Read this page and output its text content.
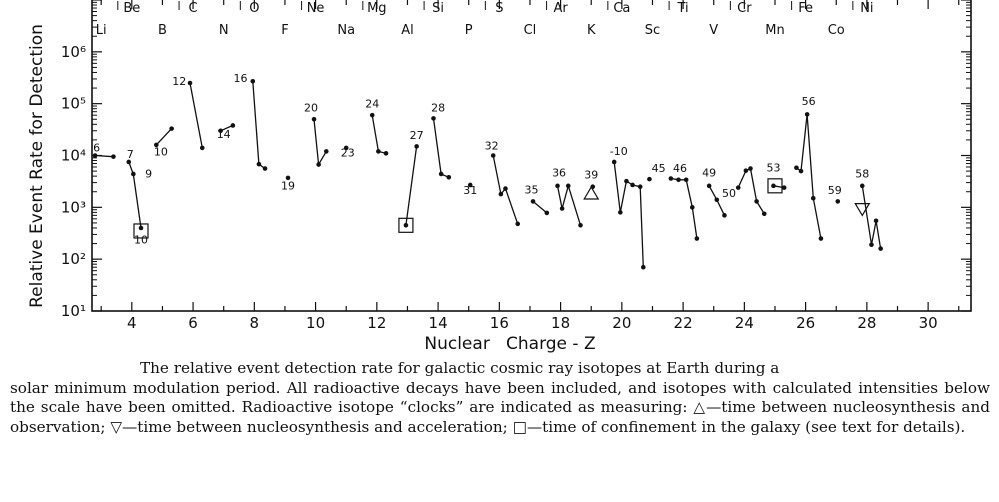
Be	C	O	Ne	Mg	Si	S	Ar	Ca	Ti	Cr	Fe	Ni
Li	B	N	F	Na	Al	P	Cl	K	Sc	V	Mn	Co
6 7
9
10
10
12
14
16
19
20
23
24
27
28
31
32
35
36 39
-10
45 46 49
50
53
56
58
59
4	6	8	10	12	14	16	18	20	22	24	26	28	30
10¹
10²
10³
10⁴
10⁵
10⁶
Relative Event Rate for Detection
Nuclear   Charge - Z
The relative event detection rate for galactic cosmic ray isotopes at Earth during a
solar minimum modulation period. All radioactive decays have been included, and isotopes with calculated intensities below the scale have been omitted. Radioactive isotope “clocks” are indicated as measuring: △—time between nucleosynthesis and observation; ▽—time between nucleosynthesis and acceleration; □—time of confinement in the galaxy (see text for details).
